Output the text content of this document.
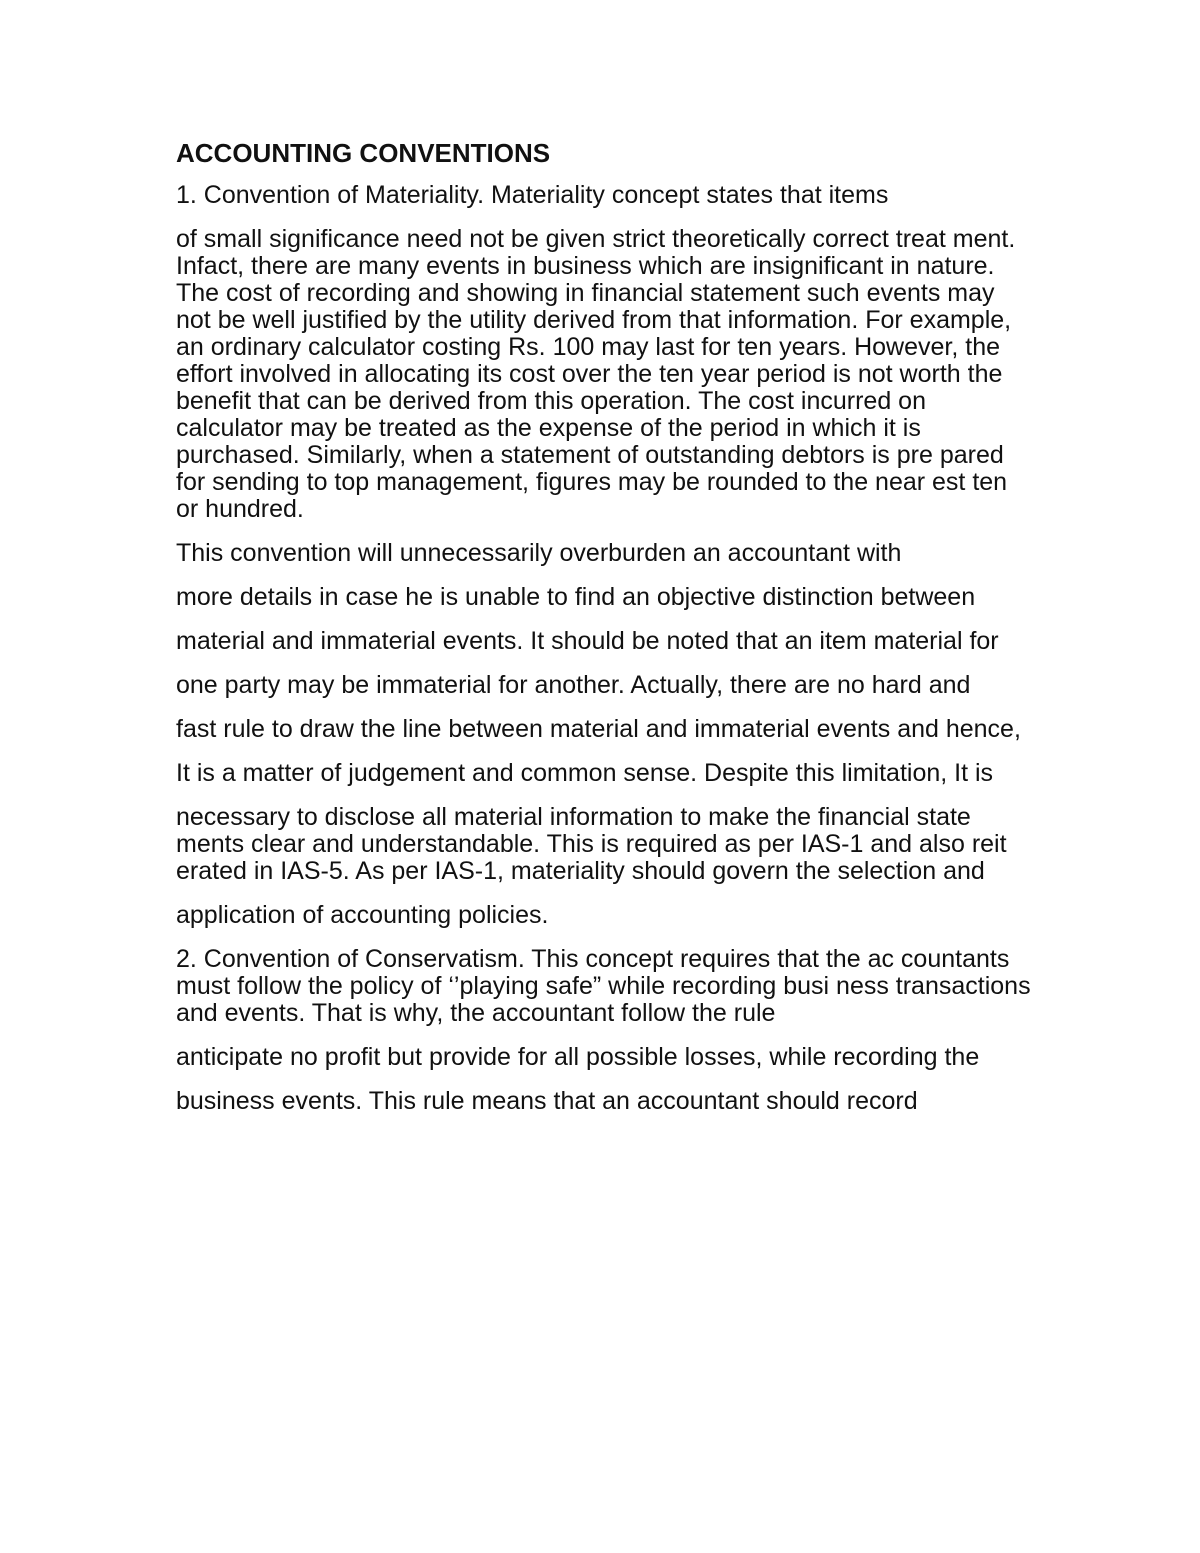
ACCOUNTING CONVENTIONS

1. Convention of Materiality. Materiality concept states that items

of small significance need not be given strict theoretically correct treat ment. Infact, there are many events in business which are insignificant in nature. The cost of recording and showing in financial statement such events may not be well justified by the utility derived from that information. For example, an ordinary calculator costing Rs. 100 may last for ten years. However, the effort involved in allocating its cost over the ten year period is not worth the benefit that can be derived from this operation. The cost incurred on calculator may be treated as the expense of the period in which it is purchased. Similarly, when a statement of outstanding debtors is pre pared for sending to top management, figures may be rounded to the near est ten or hundred.

This convention will unnecessarily overburden an accountant with

more details in case he is unable to find an objective distinction between

material and immaterial events. It should be noted that an item material for

one party may be immaterial for another. Actually, there are no hard and

fast rule to draw the line between material and immaterial events and hence,

It is a matter of judgement and common sense. Despite this limitation, It is

necessary to disclose all material information to make the financial state ments clear and understandable. This is required as per IAS-1 and also reit erated in IAS-5. As per IAS-1, materiality should govern the selection and

application of accounting policies.

2. Convention of Conservatism. This concept requires that the ac countants must follow the policy of ‘’playing safe” while recording busi ness transactions and events. That is why, the accountant follow the rule

anticipate no profit but provide for all possible losses, while recording the

business events. This rule means that an accountant should record
